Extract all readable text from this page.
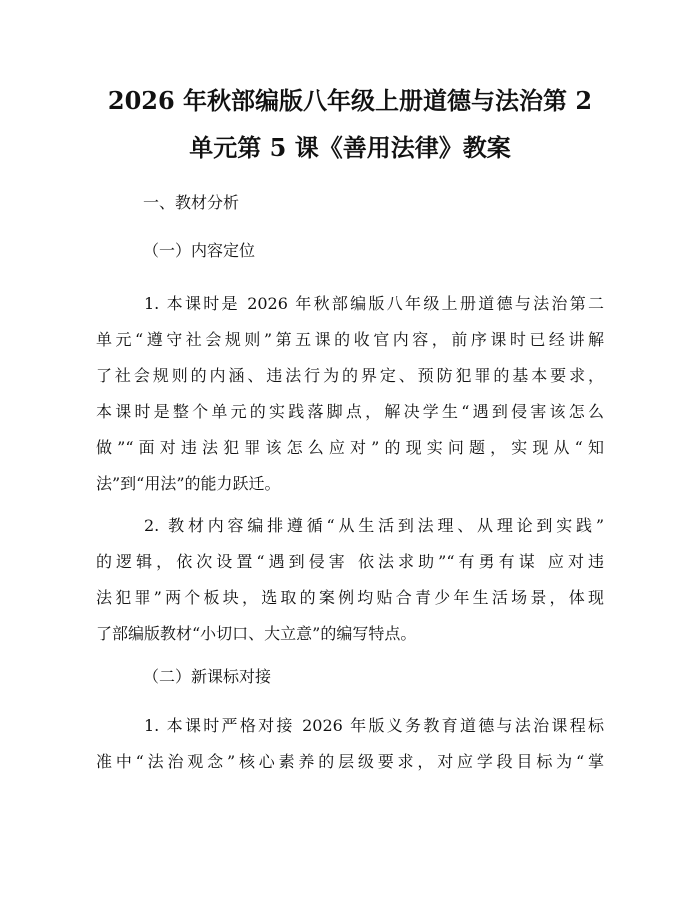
2026 年秋部编版八年级上册道德与法治第 2
单元第 5 课《善用法律》教案

一、教材分析

（一）内容定位

1. 本课时是 2026 年秋部编版八年级上册道德与法治第二
单元“遵守社会规则”第五课的收官内容，前序课时已经讲解
了社会规则的内涵、违法行为的界定、预防犯罪的基本要求，
本课时是整个单元的实践落脚点，解决学生“遇到侵害该怎么
做”“面对违法犯罪该怎么应对”的现实问题，实现从“知
法”到“用法”的能力跃迁。
2. 教材内容编排遵循“从生活到法理、从理论到实践”
的逻辑，依次设置“遇到侵害 依法求助”“有勇有谋 应对违
法犯罪”两个板块，选取的案例均贴合青少年生活场景，体现
了部编版教材“小切口、大立意”的编写特点。

（二）新课标对接

1. 本课时严格对接 2026 年版义务教育道德与法治课程标
准中“法治观念”核心素养的层级要求，对应学段目标为“掌
